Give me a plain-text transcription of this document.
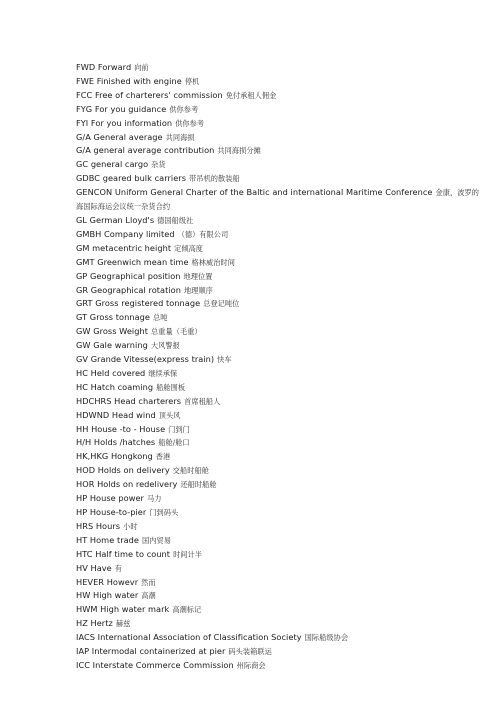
FWD Forward 向前
FWE Finished with engine 停机
FCC Free of charterers' commission 免付承租人佣金
FYG For you guidance 供你参考
FYI For you information 供你参考
G/A General average 共同海损
G/A general average contribution 共同海损分摊
GC general cargo 杂货
GDBC geared bulk carriers 带吊机的散装船
GENCON Uniform General Charter of the Baltic and international Maritime Conference 金康，波罗的海国际海运会议统一杂货合约
GL German Lloyd's 德国船级社
GMBH Company limited （德）有限公司
GM metacentric height 定倾高度
GMT Greenwich mean time 格林威治时间
GP Geographical position 地理位置
GR Geographical rotation 地理顺序
GRT Gross registered tonnage 总登记吨位
GT Gross tonnage 总吨
GW Gross Weight 总重量（毛重）
GW Gale warning 大风警报
GV Grande Vitesse(express train) 快车
HC Held covered 继续承保
HC Hatch coaming 船舱围板
HDCHRS Head charterers 首席租船人
HDWND Head wind 顶头风
HH House -to - House 门到门
H/H Holds /hatches 船舱/舱口
HK,HKG Hongkong 香港
HOD Holds on delivery 交船时船舱
HOR Holds on redelivery 还船时船舱
HP House power 马力
HP House-to-pier 门到码头
HRS Hours 小时
HT Home trade 国内贸易
HTC Half time to count 时间计半
HV Have 有
HEVER Howevr 然而
HW High water 高潮
HWM High water mark 高潮标记
HZ Hertz 赫兹
IACS International Association of Classification Society 国际船级协会
IAP Intermodal containerized at pier 码头装箱联运
ICC Interstate Commerce Commission 州际商会
